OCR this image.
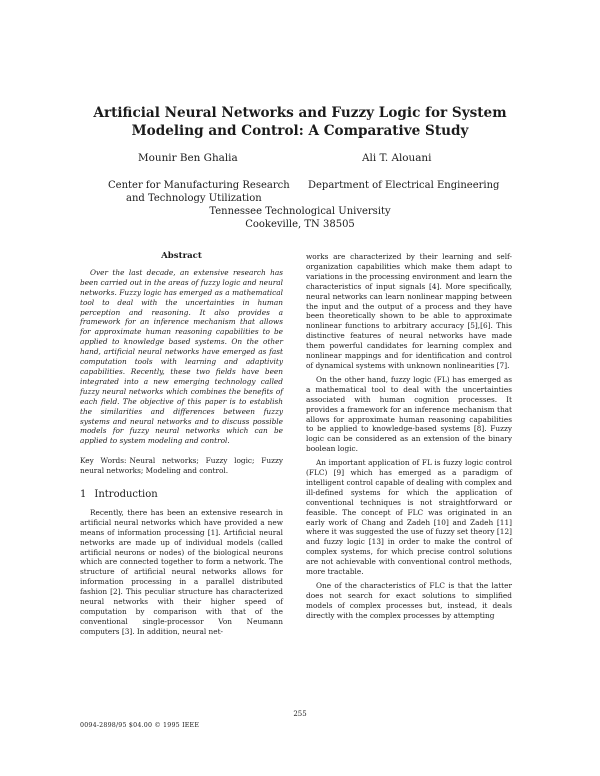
Artificial Neural Networks and Fuzzy Logic for System
Modeling and Control: A Comparative Study
Mounir Ben Ghalia	Ali T. Alouani
Center for Manufacturing Research
and Technology Utilization
Department of Electrical Engineering
Tennessee Technological University
Cookeville, TN 38505
Abstract

Over the last decade, an extensive research has been carried out in the areas of fuzzy logic and neural networks. Fuzzy logic has emerged as a mathematical tool to deal with the uncertainties in human perception and reasoning. It also provides a framework for an inference mechanism that allows for approximate human reasoning capabilities to be applied to knowledge based systems. On the other hand, artificial neural networks have emerged as fast computation tools with learning and adaptivity capabilities. Recently, these two fields have been integrated into a new emerging technology called fuzzy neural networks which combines the benefits of each field. The objective of this paper is to establish the similarities and differences between fuzzy systems and neural networks and to discuss possible models for fuzzy neural networks which can be applied to system modeling and control.

Key Words: Neural networks; Fuzzy logic; Fuzzy neural networks; Modeling and control.

1 Introduction

Recently, there has been an extensive research in artificial neural networks which have provided a new means of information processing [1]. Artificial neural networks are made up of individual models (called artificial neurons or nodes) of the biological neurons which are connected together to form a network. The structure of artificial neural networks allows for information processing in a parallel distributed fashion [2]. This peculiar structure has characterized neural networks with their higher speed of computation by comparison with that of the conventional single-processor Von Neumann computers [3]. In addition, neural net-

works are characterized by their learning and self-organization capabilities which make them adapt to variations in the processing environment and learn the characteristics of input signals [4]. More specifically, neural networks can learn nonlinear mapping between the input and the output of a process and they have been theoretically shown to be able to approximate nonlinear functions to arbitrary accuracy [5],[6]. This distinctive features of neural networks have made them powerful candidates for learning complex and nonlinear mappings and for identification and control of dynamical systems with unknown nonlinearities [7].

On the other hand, fuzzy logic (FL) has emerged as a mathematical tool to deal with the uncertainties associated with human cognition processes. It provides a framework for an inference mechanism that allows for approximate human reasoning capabilities to be applied to knowledge-based systems [8]. Fuzzy logic can be considered as an extension of the binary boolean logic.

An important application of FL is fuzzy logic control (FLC) [9] which has emerged as a paradigm of intelligent control capable of dealing with complex and ill-defined systems for which the application of conventional techniques is not straightforward or feasible. The concept of FLC was originated in an early work of Chang and Zadeh [10] and Zadeh [11] where it was suggested the use of fuzzy set theory [12] and fuzzy logic [13] in order to make the control of complex systems, for which precise control solutions are not achievable with conventional control methods, more tractable.

One of the characteristics of FLC is that the latter does not search for exact solutions to simplified models of complex processes but, instead, it deals directly with the complex processes by attempting

255
0094-2898/95 $04.00 © 1995 IEEE
